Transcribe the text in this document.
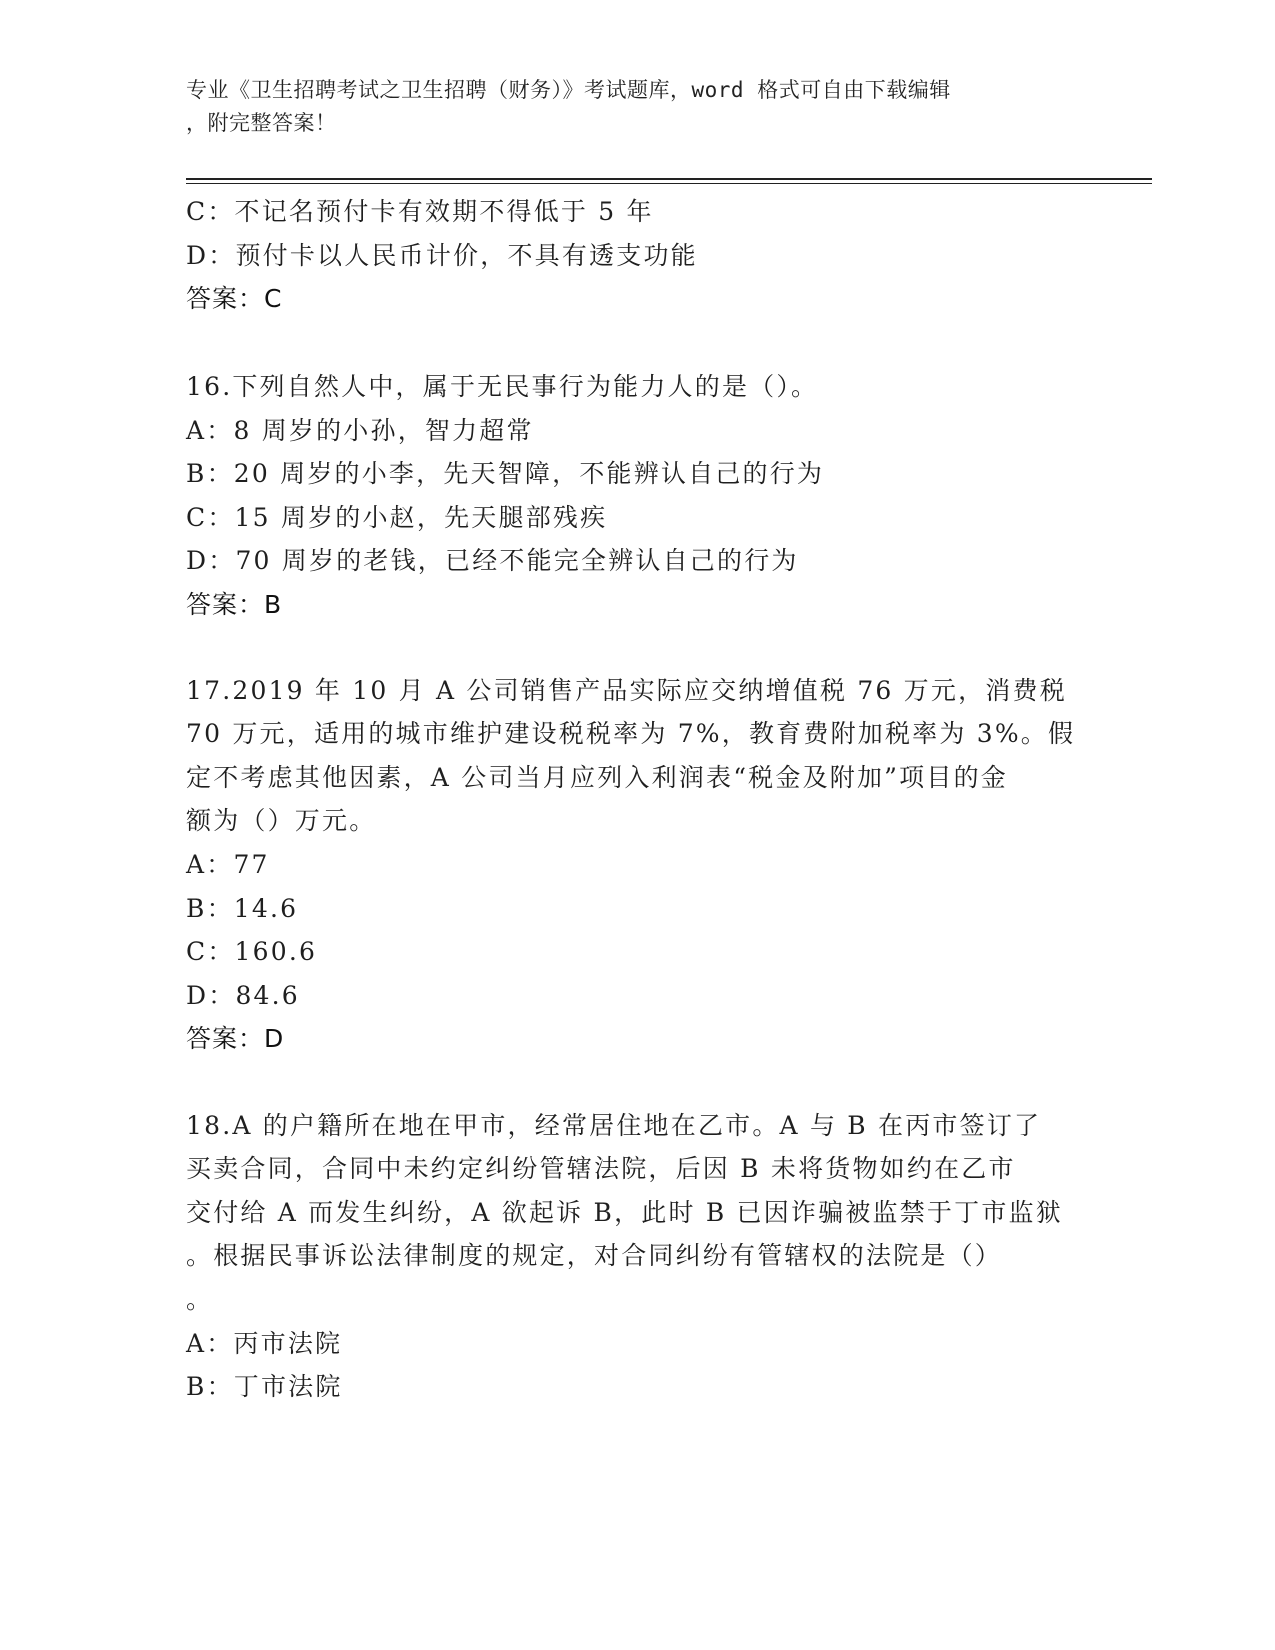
专业《卫生招聘考试之卫生招聘（财务）》考试题库，word 格式可自由下载编辑
，附完整答案！
C：不记名预付卡有效期不得低于 5 年
D：预付卡以人民币计价，不具有透支功能
答案：C
16.下列自然人中，属于无民事行为能力人的是（）。
A：8 周岁的小孙，智力超常
B：20 周岁的小李，先天智障，不能辨认自己的行为
C：15 周岁的小赵，先天腿部残疾
D：70 周岁的老钱，已经不能完全辨认自己的行为
答案：B
17.2019 年 10 月 A 公司销售产品实际应交纳增值税 76 万元，消费税
70 万元，适用的城市维护建设税税率为 7%，教育费附加税率为 3%。假
定不考虑其他因素，A 公司当月应列入利润表“税金及附加”项目的金
额为（）万元。
A：77
B：14.6
C：160.6
D：84.6
答案：D
18.A 的户籍所在地在甲市，经常居住地在乙市。A 与 B 在丙市签订了
买卖合同，合同中未约定纠纷管辖法院，后因 B 未将货物如约在乙市
交付给 A 而发生纠纷，A 欲起诉 B，此时 B 已因诈骗被监禁于丁市监狱
。根据民事诉讼法律制度的规定，对合同纠纷有管辖权的法院是（）
。
A：丙市法院
B：丁市法院
